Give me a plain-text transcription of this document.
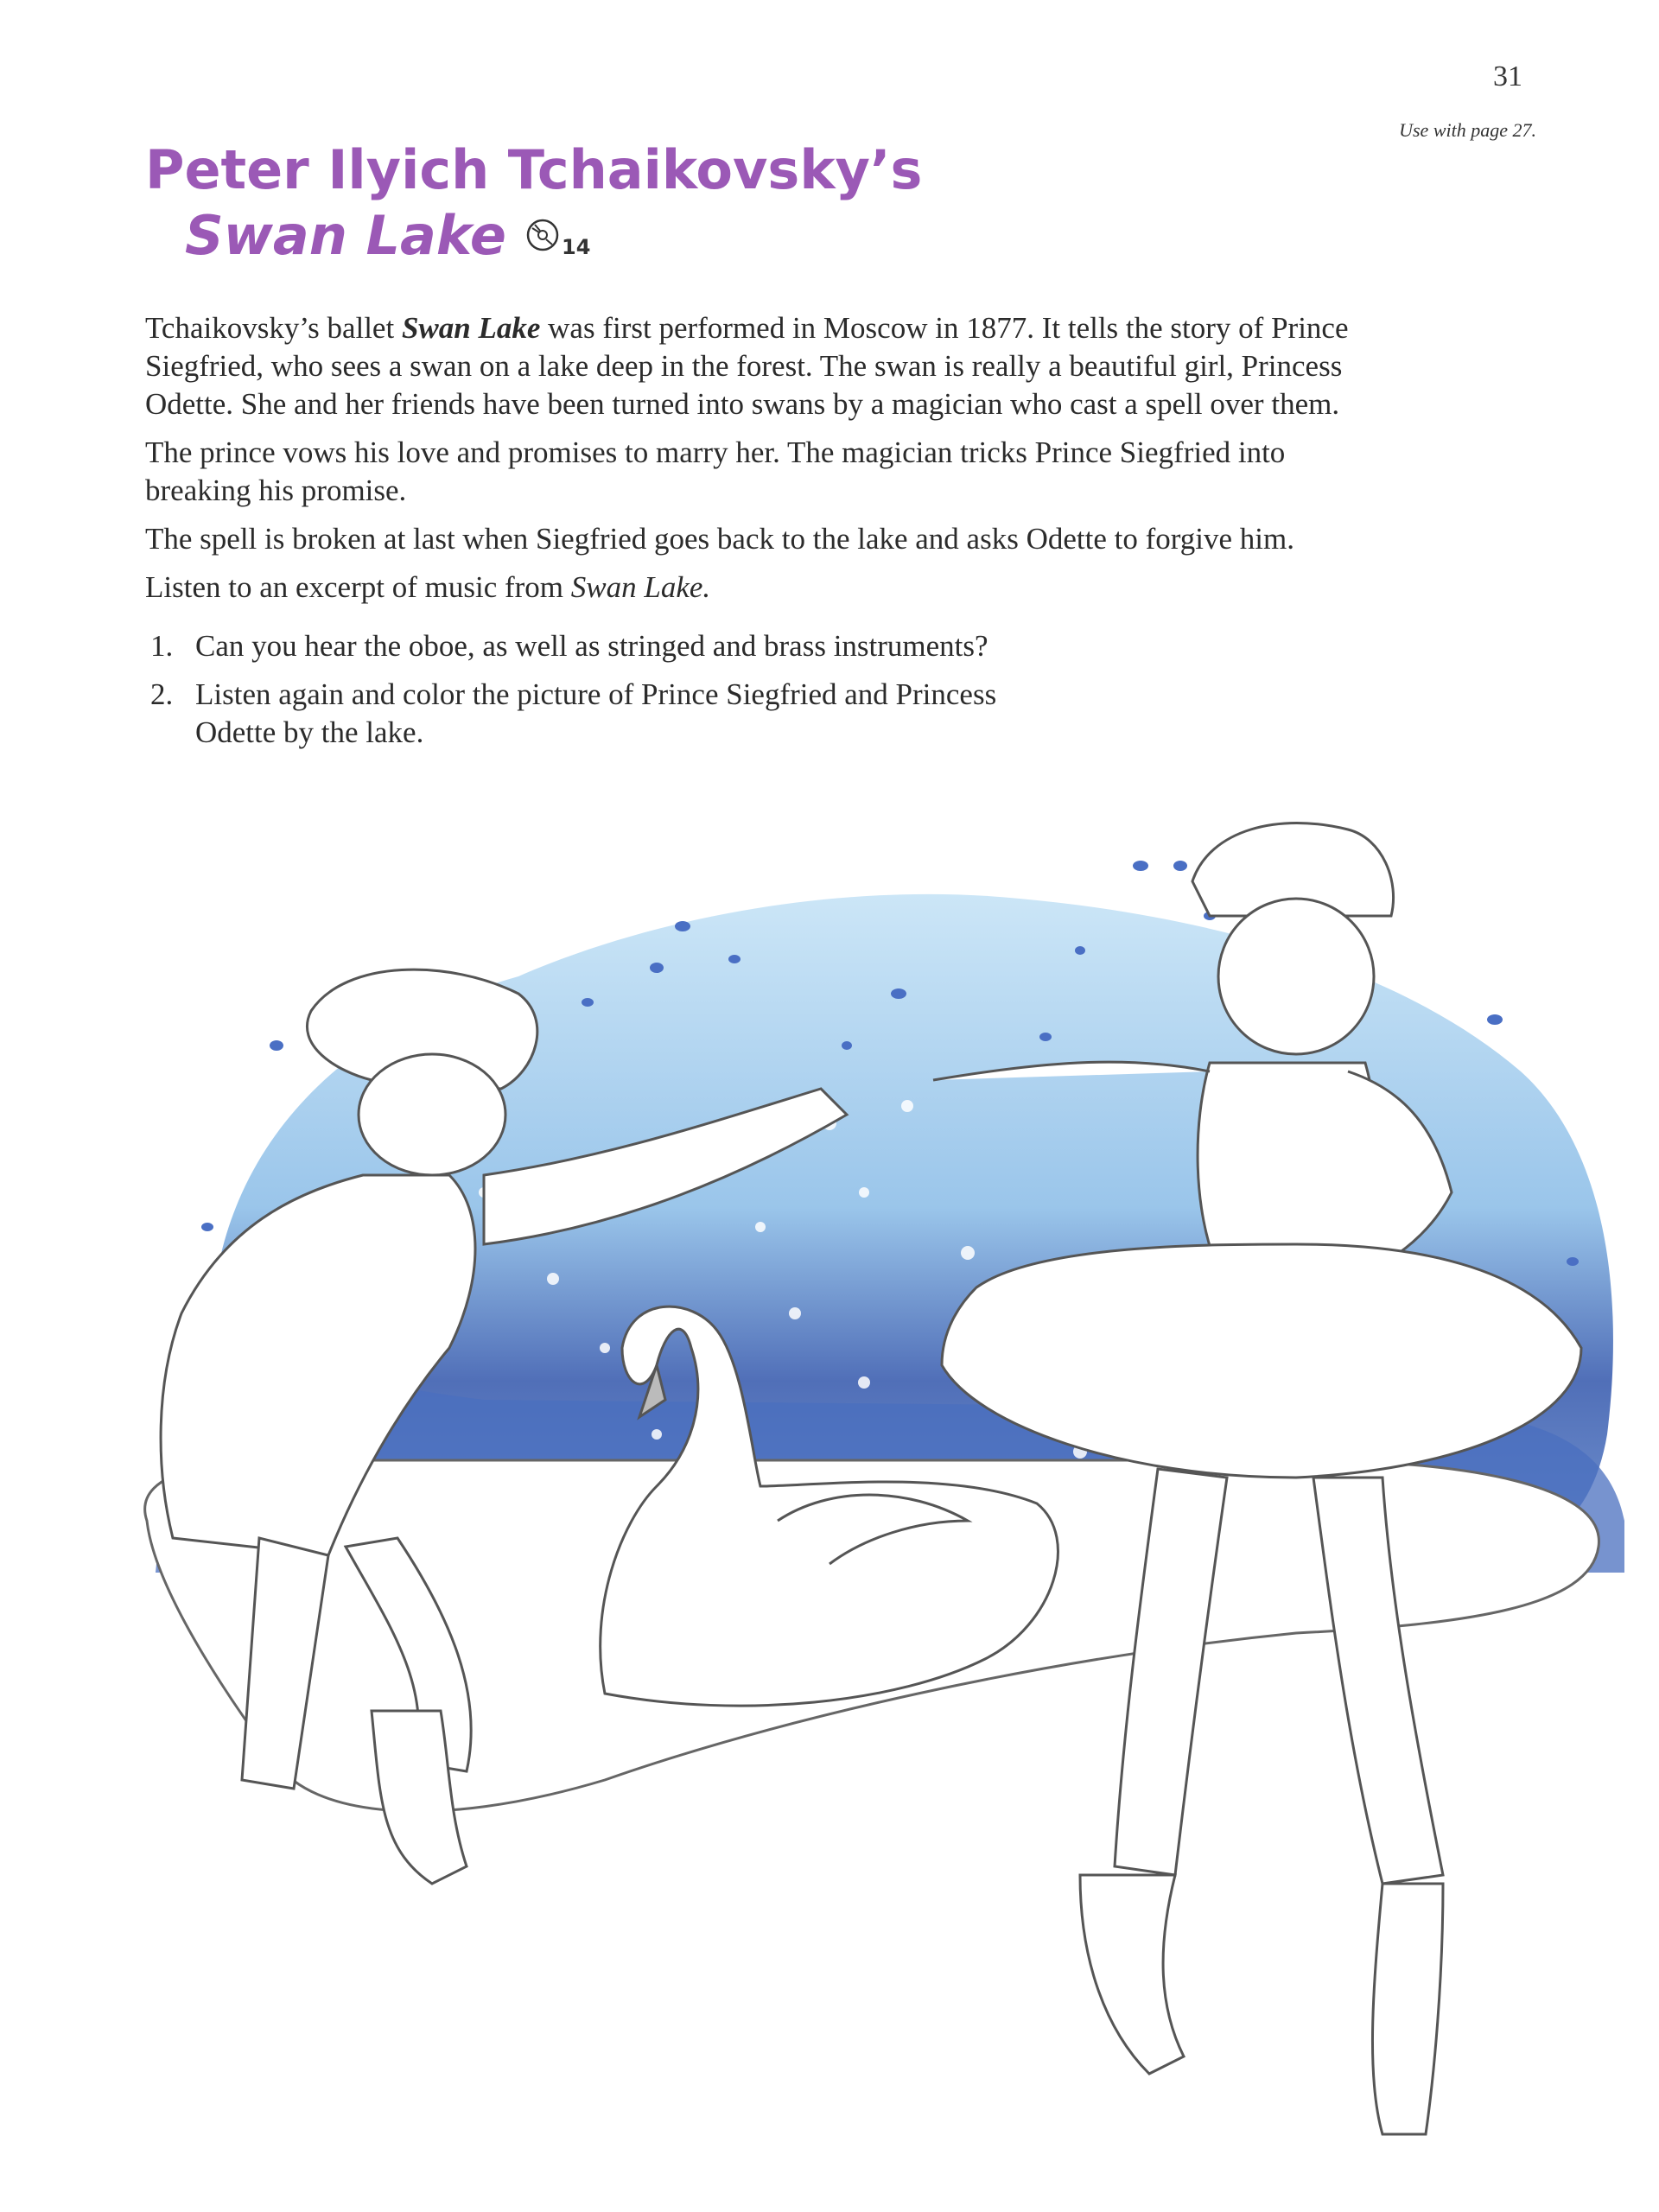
31
Use with page 27.
Peter Ilyich Tchaikovsky’s
Swan Lake	14

Tchaikovsky’s ballet Swan Lake was first performed in Moscow in 1877. It tells the story of Prince Siegfried, who sees a swan on a lake deep in the forest. The swan is really a beautiful girl, Princess Odette. She and her friends have been turned into swans by a magician who cast a spell over them.

The prince vows his love and promises to marry her. The magician tricks Prince Siegfried into breaking his promise.

The spell is broken at last when Siegfried goes back to the lake and asks Odette to forgive him.

Listen to an excerpt of music from Swan Lake.

1. Can you hear the oboe, as well as stringed and brass instruments?
2. Listen again and color the picture of Prince Siegfried and Princess Odette by the lake.
